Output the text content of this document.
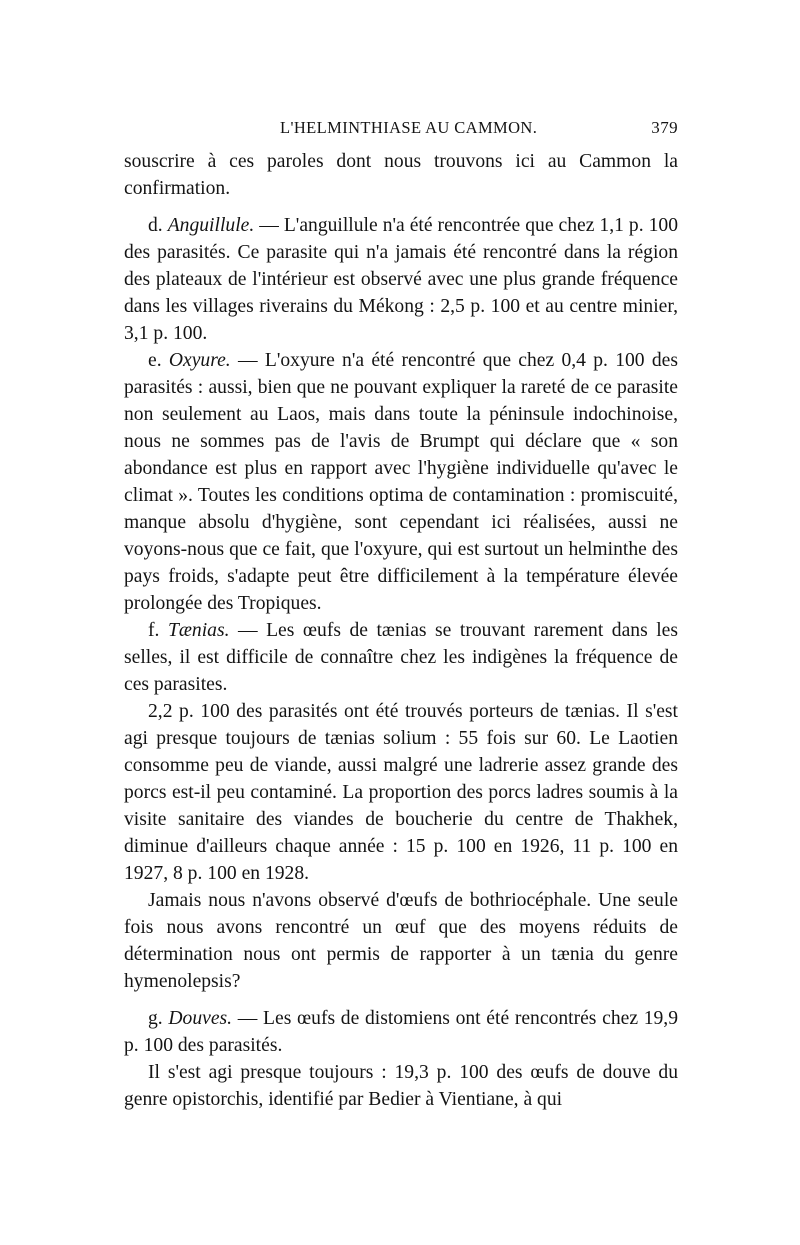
L'HELMINTHIASE AU CAMMON.	379

souscrire à ces paroles dont nous trouvons ici au Cammon la confirmation.

d. Anguillule. — L'anguillule n'a été rencontrée que chez 1,1 p. 100 des parasités. Ce parasite qui n'a jamais été rencontré dans la région des plateaux de l'intérieur est observé avec une plus grande fréquence dans les villages riverains du Mékong : 2,5 p. 100 et au centre minier, 3,1 p. 100.

e. Oxyure. — L'oxyure n'a été rencontré que chez 0,4 p. 100 des parasités : aussi, bien que ne pouvant expliquer la rareté de ce parasite non seulement au Laos, mais dans toute la péninsule indochinoise, nous ne sommes pas de l'avis de Brumpt qui déclare que « son abondance est plus en rapport avec l'hygiène individuelle qu'avec le climat ». Toutes les conditions optima de contamination : promiscuité, manque absolu d'hygiène, sont cependant ici réalisées, aussi ne voyons-nous que ce fait, que l'oxyure, qui est surtout un helminthe des pays froids, s'adapte peut être difficilement à la température élevée prolongée des Tropiques.

f. Tænias. — Les œufs de tænias se trouvant rarement dans les selles, il est difficile de connaître chez les indigènes la fréquence de ces parasites.

2,2 p. 100 des parasités ont été trouvés porteurs de tænias. Il s'est agi presque toujours de tænias solium : 55 fois sur 60. Le Laotien consomme peu de viande, aussi malgré une ladrerie assez grande des porcs est-il peu contaminé. La proportion des porcs ladres soumis à la visite sanitaire des viandes de boucherie du centre de Thakhek, diminue d'ailleurs chaque année : 15 p. 100 en 1926, 11 p. 100 en 1927, 8 p. 100 en 1928.

Jamais nous n'avons observé d'œufs de bothriocéphale. Une seule fois nous avons rencontré un œuf que des moyens réduits de détermination nous ont permis de rapporter à un tænia du genre hymenolepsis?

g. Douves. — Les œufs de distomiens ont été rencontrés chez 19,9 p. 100 des parasités.

Il s'est agi presque toujours : 19,3 p. 100 des œufs de douve du genre opistorchis, identifié par Bedier à Vientiane, à qui
